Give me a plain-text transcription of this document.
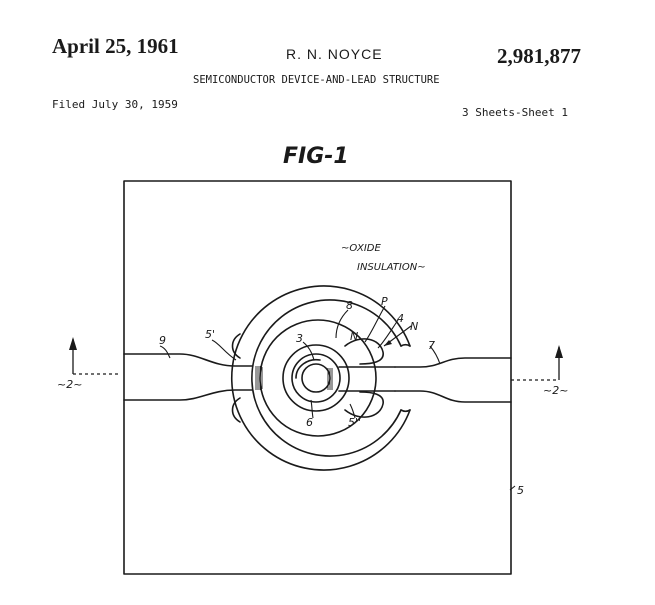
April 25, 1961	R. N. NOYCE	2,981,877
SEMICONDUCTOR DEVICE-AND-LEAD STRUCTURE
Filed July 30, 1959
3 Sheets-Sheet 1
FIG-1
~OXIDE
INSULATION~
~2~	~2~
9	5'	3
8	P
N
4
N
7
6	5''
5
